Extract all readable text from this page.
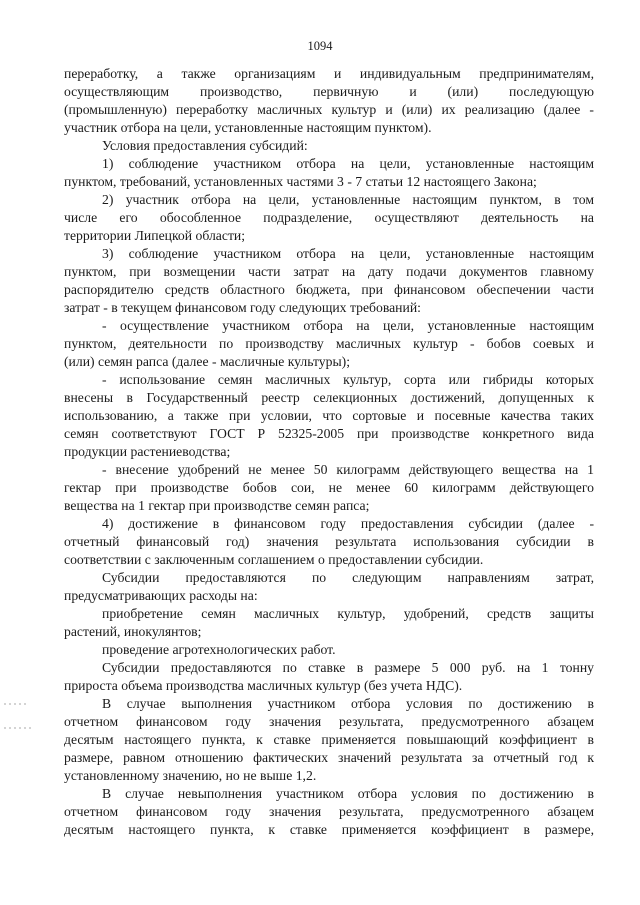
1094
переработку, а также организациям и индивидуальным предпринимателям,
осуществляющим производство, первичную и (или) последующую
(промышленную) переработку масличных культур и (или) их реализацию (далее -
участник отбора на цели, установленные настоящим пунктом).
Условия предоставления субсидий:
1) соблюдение участником отбора на цели, установленные настоящим
пунктом, требований, установленных частями 3 - 7 статьи 12 настоящего Закона;
2) участник отбора на цели, установленные настоящим пунктом, в том
числе его обособленное подразделение, осуществляют деятельность на
территории Липецкой области;
3) соблюдение участником отбора на цели, установленные настоящим
пунктом, при возмещении части затрат на дату подачи документов главному
распорядителю средств областного бюджета, при финансовом обеспечении части
затрат - в текущем финансовом году следующих требований:
- осуществление участником отбора на цели, установленные настоящим
пунктом, деятельности по производству масличных культур - бобов соевых и
(или) семян рапса (далее - масличные культуры);
- использование семян масличных культур, сорта или гибриды которых
внесены в Государственный реестр селекционных достижений, допущенных к
использованию, а также при условии, что сортовые и посевные качества таких
семян соответствуют ГОСТ Р 52325-2005 при производстве конкретного вида
продукции растениеводства;
- внесение удобрений не менее 50 килограмм действующего вещества на 1
гектар при производстве бобов сои, не менее 60 килограмм действующего
вещества на 1 гектар при производстве семян рапса;
4) достижение в финансовом году предоставления субсидии (далее -
отчетный финансовый год) значения результата использования субсидии в
соответствии с заключенным соглашением о предоставлении субсидии.
Субсидии предоставляются по следующим направлениям затрат,
предусматривающих расходы на:
приобретение семян масличных культур, удобрений, средств защиты
растений, инокулянтов;
проведение агротехнологических работ.
Субсидии предоставляются по ставке в размере 5 000 руб. на 1 тонну
прироста объема производства масличных культур (без учета НДС).
В случае выполнения участником отбора условия по достижению в
отчетном финансовом году значения результата, предусмотренного абзацем
десятым настоящего пункта, к ставке применяется повышающий коэффициент в
размере, равном отношению фактических значений результата за отчетный год к
установленному значению, но не выше 1,2.
В случае невыполнения участником отбора условия по достижению в
отчетном финансовом году значения результата, предусмотренного абзацем
десятым настоящего пункта, к ставке применяется коэффициент в размере,
